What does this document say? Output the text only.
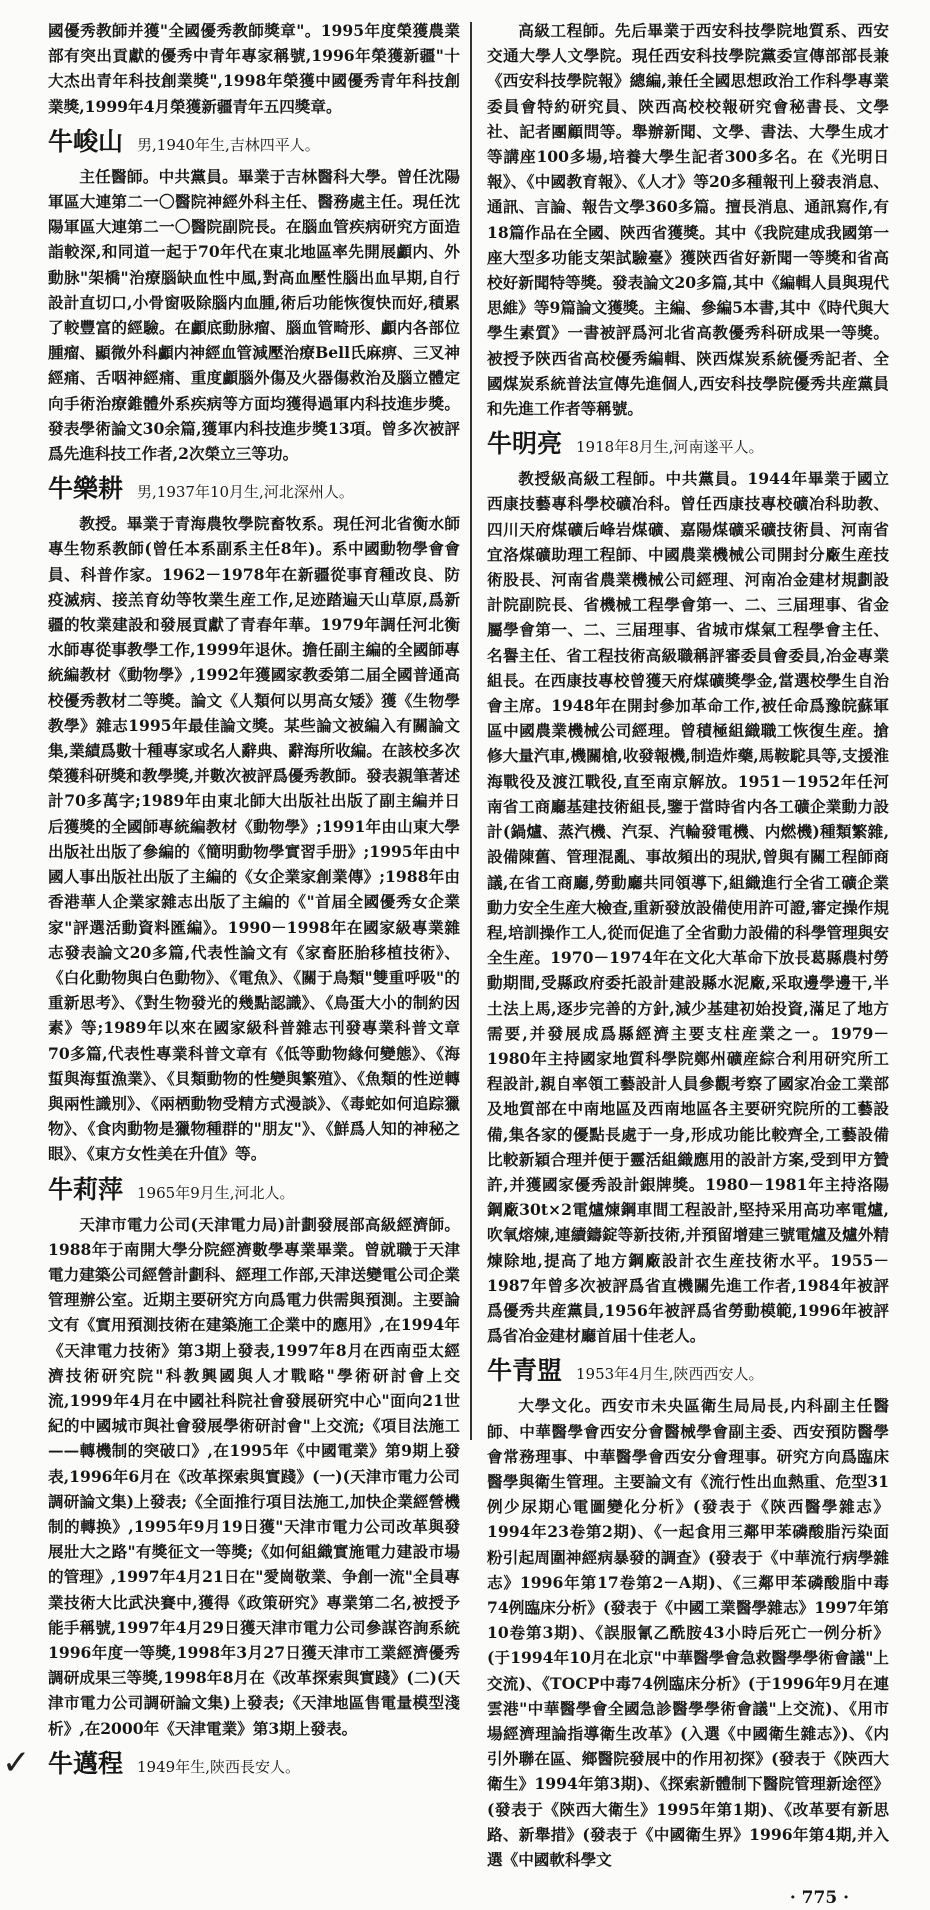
國優秀教師并獲"全國優秀教師獎章"。1995年度榮獲農業部有突出貢獻的優秀中青年專家稱號,1996年榮獲新疆"十大杰出青年科技創業獎",1998年榮獲中國優秀青年科技創業獎,1999年4月榮獲新疆青年五四獎章。

牛峻山 男,1940年生,吉林四平人。

主任醫師。中共黨員。畢業于吉林醫科大學。曾任沈陽軍區大連第二一〇醫院神經外科主任、醫務處主任。現任沈陽軍區大連第二一〇醫院副院長。在腦血管疾病研究方面造詣較深,和同道一起于70年代在東北地區率先開展顱内、外動脉"架橋"治療腦缺血性中風,對高血壓性腦出血早期,自行設計直切口,小骨窗吸除腦内血腫,術后功能恢復快而好,積累了較豐富的經驗。在顱底動脉瘤、腦血管畸形、顱内各部位腫瘤、顯微外科顱内神經血管減壓治療Bell氏麻痹、三叉神經痛、舌咽神經痛、重度顱腦外傷及火器傷救治及腦立體定向手術治療錐體外系疾病等方面均獲得過軍内科技進步獎。發表學術論文30余篇,獲軍内科技進步獎13項。曾多次被評爲先進科技工作者,2次榮立三等功。

牛樂耕 男,1937年10月生,河北深州人。

教授。畢業于青海農牧學院畜牧系。現任河北省衡水師專生物系教師(曾任本系副系主任8年)。系中國動物學會會員、科普作家。1962－1978年在新疆從事育種改良、防疫滅病、接羔育幼等牧業生産工作,足迹踏遍天山草原,爲新疆的牧業建設和發展貢獻了青春年華。1979年調任河北衡水師專從事教學工作,1999年退休。擔任副主編的全國師專統編教材《動物學》,1992年獲國家教委第二届全國普通高校優秀教材二等獎。論文《人類何以男高女矮》獲《生物學教學》雜志1995年最佳論文獎。某些論文被編入有關論文集,業績爲數十種專家或名人辭典、辭海所收編。在該校多次榮獲科研獎和教學獎,并數次被評爲優秀教師。發表親筆著述計70多萬字;1989年由東北師大出版社出版了副主編并日后獲獎的全國師專統編教材《動物學》;1991年由山東大學出版社出版了參編的《簡明動物學實習手册》;1995年由中國人事出版社出版了主編的《女企業家創業傳》;1988年由香港華人企業家雜志出版了主編的《"首届全國優秀女企業家"評選活動資料匯編》。1990－1998年在國家級專業雜志發表論文20多篇,代表性論文有《家畜胚胎移植技術》、《白化動物與白色動物》、《電魚》、《關于鳥類"雙重呼吸"的重新思考》、《對生物發光的幾點認識》、《鳥蛋大小的制約因素》等;1989年以來在國家級科普雜志刊發專業科普文章70多篇,代表性專業科普文章有《低等動物緣何變態》、《海蜇與海蜇漁業》、《貝類動物的性變與繁殖》、《魚類的性逆轉與兩性識別》、《兩栖動物受精方式漫談》、《毒蛇如何追踪獵物》、《食肉動物是獵物種群的"朋友"》、《鮮爲人知的神秘之眼》、《東方女性美在升值》等。

牛莉萍 1965年9月生,河北人。

天津市電力公司(天津電力局)計劃發展部高級經濟師。1988年于南開大學分院經濟數學專業畢業。曾就職于天津電力建築公司經營計劃科、經理工作部,天津送變電公司企業管理辦公室。近期主要研究方向爲電力供需與預測。主要論文有《實用預測技術在建築施工企業中的應用》,在1994年《天津電力技術》第3期上發表,1997年8月在西南亞太經濟技術研究院"科教興國與人才戰略"學術研討會上交流,1999年4月在中國社科院社會發展研究中心"面向21世紀的中國城市與社會發展學術研討會"上交流;《項目法施工——轉機制的突破口》,在1995年《中國電業》第9期上發表,1996年6月在《改革探索與實踐》(一)(天津市電力公司調研論文集)上發表;《全面推行項目法施工,加快企業經營機制的轉换》,1995年9月19日獲"天津市電力公司改革與發展壯大之路"有獎征文一等獎;《如何組織實施電力建設市場的管理》,1997年4月21日在"愛崗敬業、争創一流"全員專業技術大比武決賽中,獲得《政策研究》專業第二名,被授予能手稱號,1997年4月29日獲天津市電力公司參謀咨詢系統1996年度一等獎,1998年3月27日獲天津市工業經濟優秀調研成果三等獎,1998年8月在《改革探索與實踐》(二)(天津市電力公司調研論文集)上發表;《天津地區售電量模型淺析》,在2000年《天津電業》第3期上發表。

✓ 牛邁程 1949年生,陝西長安人。

高級工程師。先后畢業于西安科技學院地質系、西安交通大學人文學院。現任西安科技學院黨委宣傳部部長兼《西安科技學院報》總編,兼任全國思想政治工作科學專業委員會特約研究員、陝西高校校報研究會秘書長、文學社、記者團顧問等。舉辦新聞、文學、書法、大學生成才等講座100多場,培養大學生記者300多名。在《光明日報》、《中國教育報》、《人才》等20多種報刊上發表消息、通訊、言論、報告文學360多篇。擅長消息、通訊寫作,有18篇作品在全國、陝西省獲獎。其中《我院建成我國第一座大型多功能支架試驗臺》獲陝西省好新聞一等獎和省高校好新聞特等獎。發表論文20多篇,其中《編輯人員與現代思維》等9篇論文獲獎。主編、參編5本書,其中《時代與大學生素質》一書被評爲河北省高教優秀科研成果一等獎。被授予陝西省高校優秀編輯、陝西煤炭系統優秀記者、全國煤炭系統普法宣傳先進個人,西安科技學院優秀共産黨員和先進工作者等稱號。

牛明亮 1918年8月生,河南遂平人。

教授級高級工程師。中共黨員。1944年畢業于國立西康技藝專科學校礦冶科。曾任西康技專校礦冶科助教、四川天府煤礦后峰岩煤礦、嘉陽煤礦采礦技術員、河南省宜洛煤礦助理工程師、中國農業機械公司開封分廠生産技術股長、河南省農業機械公司經理、河南冶金建材規劃設計院副院長、省機械工程學會第一、二、三届理事、省金屬學會第一、二、三届理事、省城市煤氣工程學會主任、名譽主任、省工程技術高級職稱評審委員會委員,冶金專業組長。在西康技專校曾獲天府煤礦獎學金,當選校學生自治會主席。1948年在開封參加革命工作,被任命爲豫皖蘇軍區中國農業機械公司經理。曾積極組織職工恢復生産。搶修大量汽車,機關槍,收發報機,制造炸藥,馬鞍駝具等,支援淮海戰役及渡江戰役,直至南京解放。1951－1952年任河南省工商廳基建技術組長,鑒于當時省内各工礦企業動力設計(鍋爐、蒸汽機、汽泵、汽輪發電機、内燃機)種類繁雜,設備陳舊、管理混亂、事故頻出的現狀,曾與有關工程師商議,在省工商廳,勞動廳共同領導下,組織進行全省工礦企業動力安全生産大檢查,重新發放設備使用許可證,審定操作規程,培訓操作工人,從而促進了全省動力設備的科學管理與安全生産。1970－1974年在文化大革命下放長葛縣農村勞動期間,受縣政府委托設計建設縣水泥廠,采取邊學邊干,半土法上馬,逐步完善的方針,減少基建初始投資,滿足了地方需要,并發展成爲縣經濟主要支柱産業之一。1979－1980年主持國家地質科學院鄭州礦産綜合利用研究所工程設計,親自率領工藝設計人員參觀考察了國家冶金工業部及地質部在中南地區及西南地區各主要研究院所的工藝設備,集各家的優點長處于一身,形成功能比較齊全,工藝設備比較新穎合理并便于靈活組織應用的設計方案,受到甲方贊許,并獲國家優秀設計銀牌獎。1980－1981年主持洛陽鋼廠30t×2電爐煉鋼車間工程設計,堅持采用高功率電爐,吹氧熔煉,連續鑄錠等新技術,并預留增建三號電爐及爐外精煉除地,提高了地方鋼廠設計衣生産技術水平。1955－1987年曾多次被評爲省直機關先進工作者,1984年被評爲優秀共産黨員,1956年被評爲省勞動模範,1996年被評爲省冶金建材廳首届十佳老人。

牛青盟 1953年4月生,陝西西安人。

大學文化。西安市未央區衛生局局長,内科副主任醫師、中華醫學會西安分會醫械學會副主委、西安預防醫學會常務理事、中華醫學會西安分會理事。研究方向爲臨床醫學與衛生管理。主要論文有《流行性出血熱重、危型31例少尿期心電圖變化分析》(發表于《陝西醫學雜志》1994年23卷第2期)、《一起食用三鄰甲苯磷酸脂污染面粉引起周圍神經病暴發的調查》(發表于《中華流行病學雜志》1996年第17卷第2－A期)、《三鄰甲苯磷酸脂中毒74例臨床分析》(發表于《中國工業醫學雜志》1997年第10卷第3期)、《誤服氰乙酰胺43小時后死亡一例分析》(于1994年10月在北京"中華醫學會急救醫學學術會議"上交流)、《TOCP中毒74例臨床分析》(于1996年9月在連雲港"中華醫學會全國急診醫學學術會議"上交流)、《用市場經濟理論指導衛生改革》(入選《中國衛生雜志》)、《内引外聯在區、鄉醫院發展中的作用初探》(發表于《陝西大衛生》1994年第3期)、《探索新體制下醫院管理新途徑》(發表于《陝西大衛生》1995年第1期)、《改革要有新思路、新舉措》(發表于《中國衛生界》1996年第4期,并入選《中國軟科學文

· 775 ·
